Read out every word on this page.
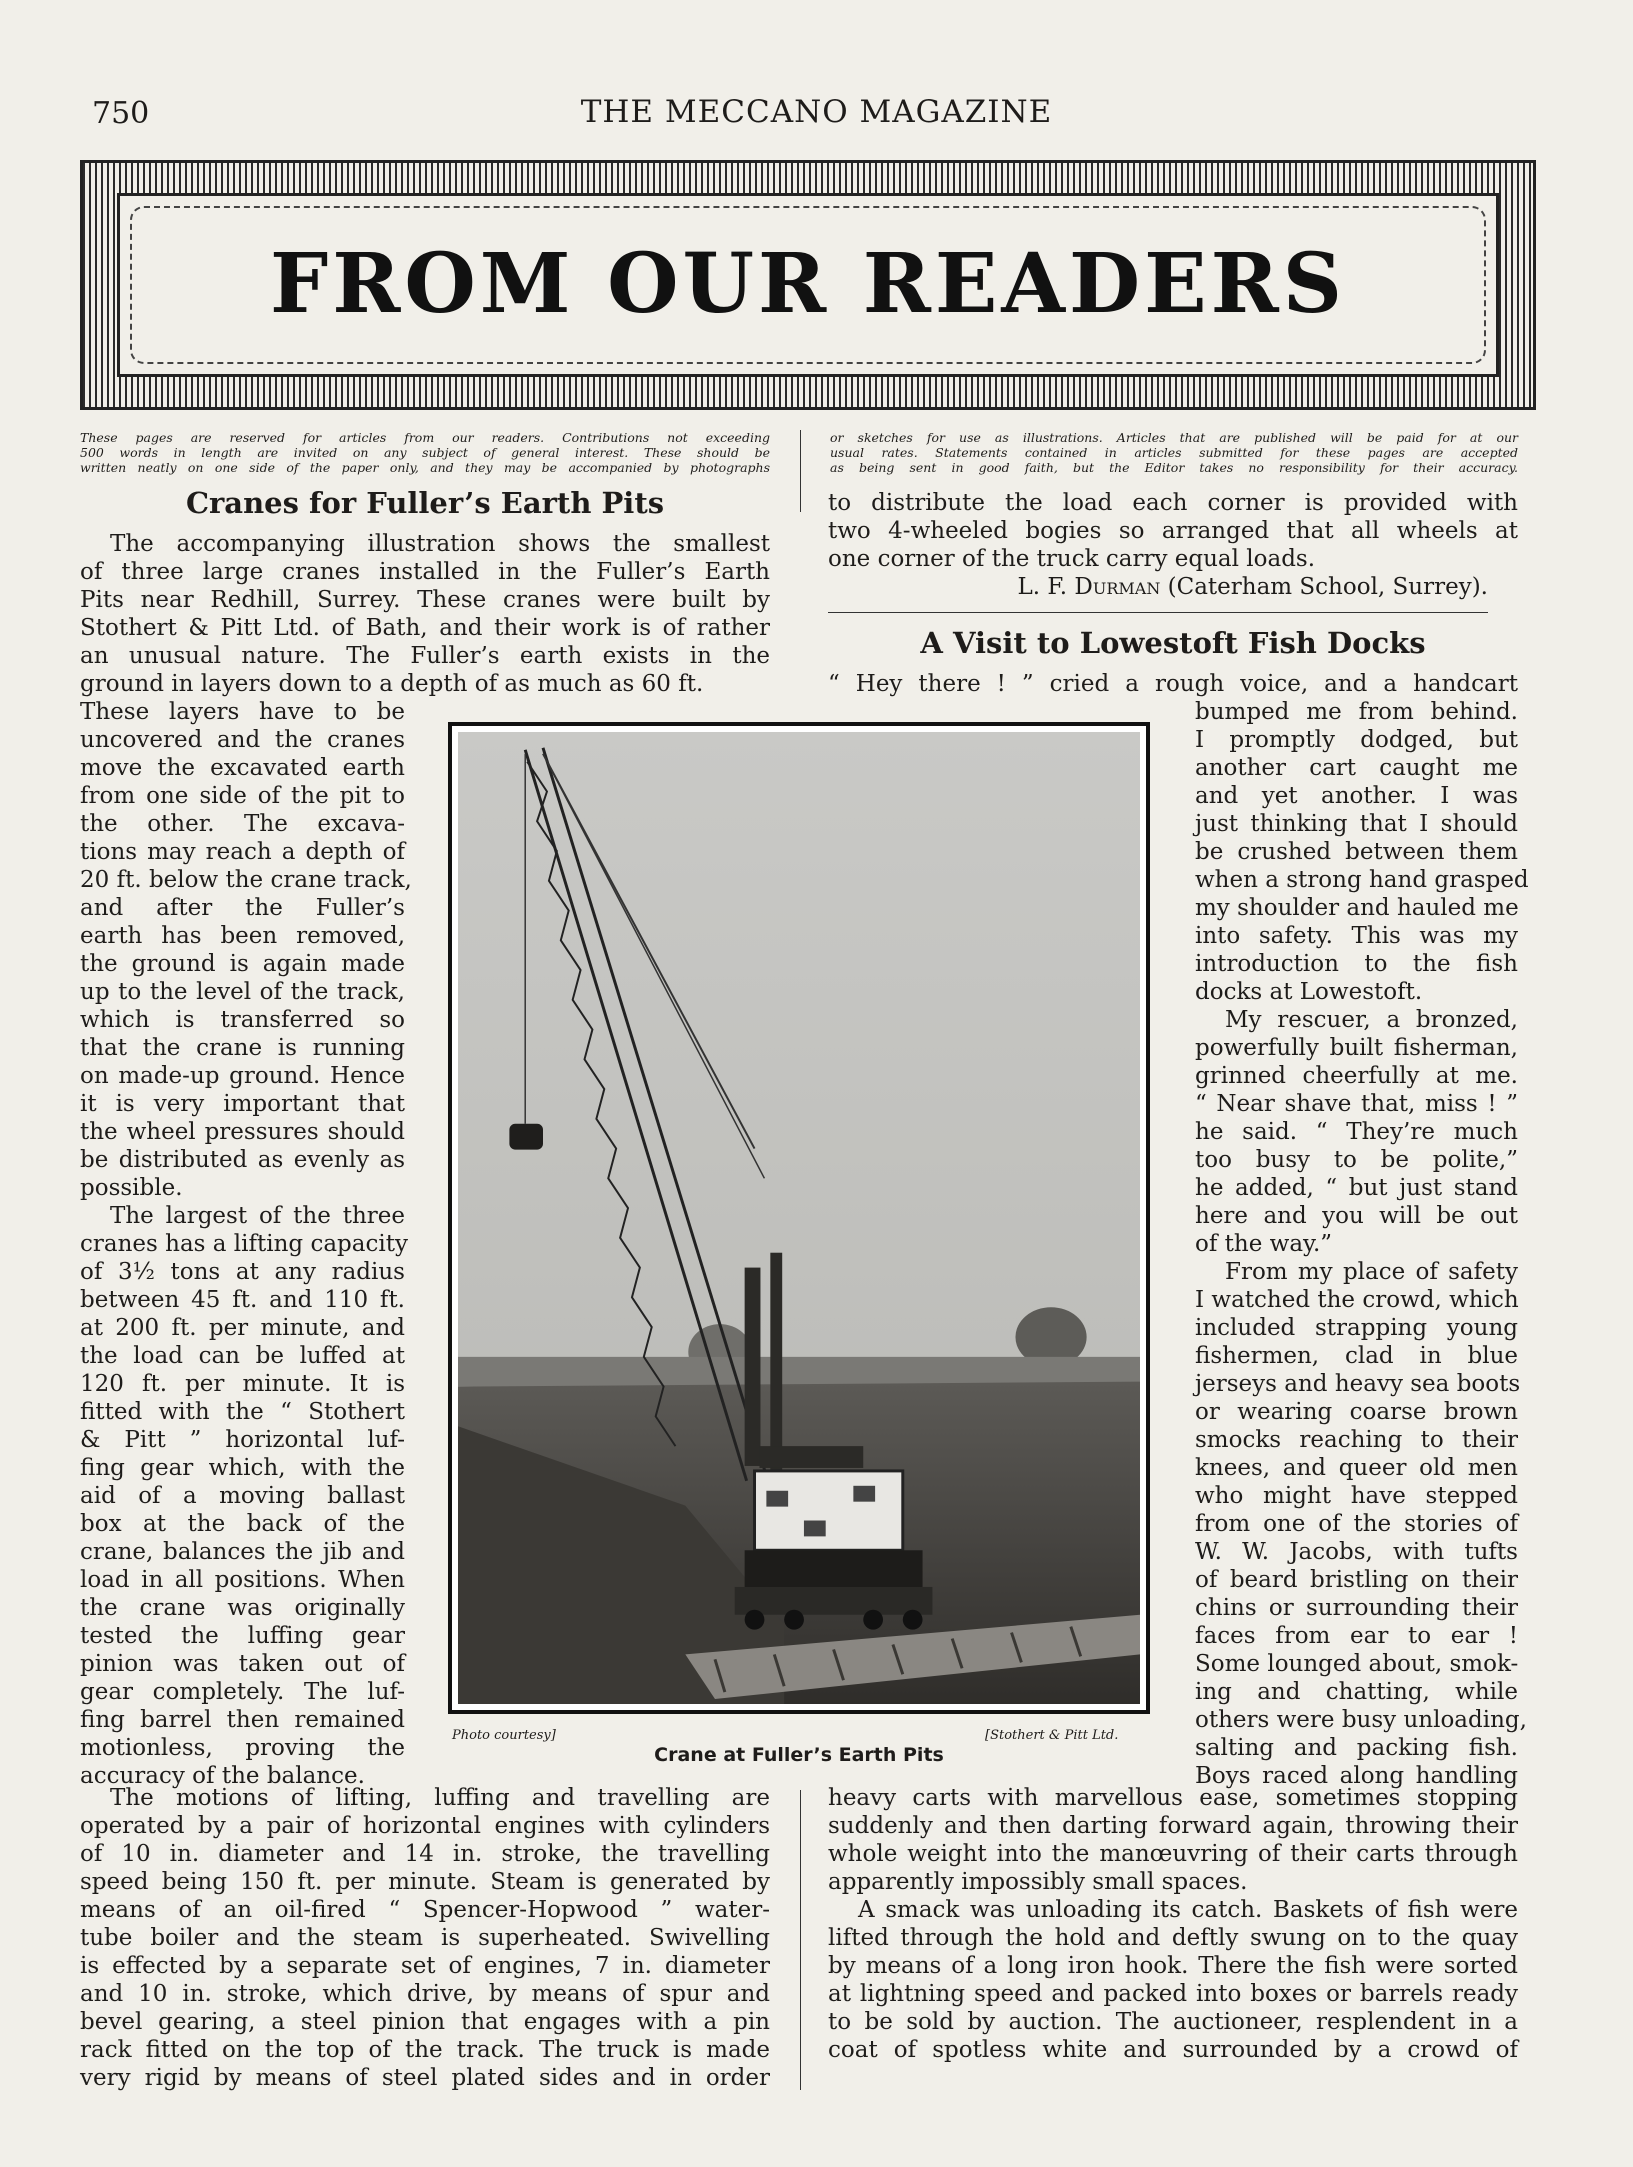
750	THE MECCANO MAGAZINE
FROM OUR READERS
These pages are reserved for articles from our readers. Contributions not exceeding
500 words in length are invited on any subject of general interest. These should be
written neatly on one side of the paper only, and they may be accompanied by photographs
or sketches for use as illustrations. Articles that are published will be paid for at our
usual rates. Statements contained in articles submitted for these pages are accepted
as being sent in good faith, but the Editor takes no responsibility for their accuracy.
Cranes for Fuller’s Earth Pits
The accompanying illustration shows the smallest
of three large cranes installed in the Fuller’s Earth
Pits near Redhill, Surrey. These cranes were built by
Stothert & Pitt Ltd. of Bath, and their work is of rather
an unusual nature. The Fuller’s earth exists in the
ground in layers down to a depth of as much as 60 ft.
These layers have to be
uncovered and the cranes
move the excavated earth
from one side of the pit to
the other. The excava-
tions may reach a depth of
20 ft. below the crane track,
and after the Fuller’s
earth has been removed,
the ground is again made
up to the level of the track,
which is transferred so
that the crane is running
on made-up ground. Hence
it is very important that
the wheel pressures should
be distributed as evenly as
possible.
The largest of the three
cranes has a lifting capacity
of 3½ tons at any radius
between 45 ft. and 110 ft.
at 200 ft. per minute, and
the load can be luffed at
120 ft. per minute. It is
fitted with the “ Stothert
& Pitt ” horizontal luf-
fing gear which, with the
aid of a moving ballast
box at the back of the
crane, balances the jib and
load in all positions. When
the crane was originally
tested the luffing gear
pinion was taken out of
gear completely. The luf-
fing barrel then remained
motionless, proving the
accuracy of the balance.
The motions of lifting, luffing and travelling are
operated by a pair of horizontal engines with cylinders
of 10 in. diameter and 14 in. stroke, the travelling
speed being 150 ft. per minute. Steam is generated by
means of an oil-fired “ Spencer-Hopwood ” water-
tube boiler and the steam is superheated. Swivelling
is effected by a separate set of engines, 7 in. diameter
and 10 in. stroke, which drive, by means of spur and
bevel gearing, a steel pinion that engages with a pin
rack fitted on the top of the track. The truck is made
very rigid by means of steel plated sides and in order
Photo courtesy]	[Stothert & Pitt Ltd.
Crane at Fuller’s Earth Pits
to distribute the load each corner is provided with
two 4-wheeled bogies so arranged that all wheels at
one corner of the truck carry equal loads.
L. F. Durman (Caterham School, Surrey).
A Visit to Lowestoft Fish Docks
“ Hey there ! ” cried a rough voice, and a handcart
bumped me from behind.
I promptly dodged, but
another cart caught me
and yet another. I was
just thinking that I should
be crushed between them
when a strong hand grasped
my shoulder and hauled me
into safety. This was my
introduction to the fish
docks at Lowestoft.
My rescuer, a bronzed,
powerfully built fisherman,
grinned cheerfully at me.
“ Near shave that, miss ! ”
he said. “ They’re much
too busy to be polite,”
he added, “ but just stand
here and you will be out
of the way.”
From my place of safety
I watched the crowd, which
included strapping young
fishermen, clad in blue
jerseys and heavy sea boots
or wearing coarse brown
smocks reaching to their
knees, and queer old men
who might have stepped
from one of the stories of
W. W. Jacobs, with tufts
of beard bristling on their
chins or surrounding their
faces from ear to ear !
Some lounged about, smok-
ing and chatting, while
others were busy unloading,
salting and packing fish.
Boys raced along handling
heavy carts with marvellous ease, sometimes stopping
suddenly and then darting forward again, throwing their
whole weight into the manœuvring of their carts through
apparently impossibly small spaces.
A smack was unloading its catch. Baskets of fish were
lifted through the hold and deftly swung on to the quay
by means of a long iron hook. There the fish were sorted
at lightning speed and packed into boxes or barrels ready
to be sold by auction. The auctioneer, resplendent in a
coat of spotless white and surrounded by a crowd of
